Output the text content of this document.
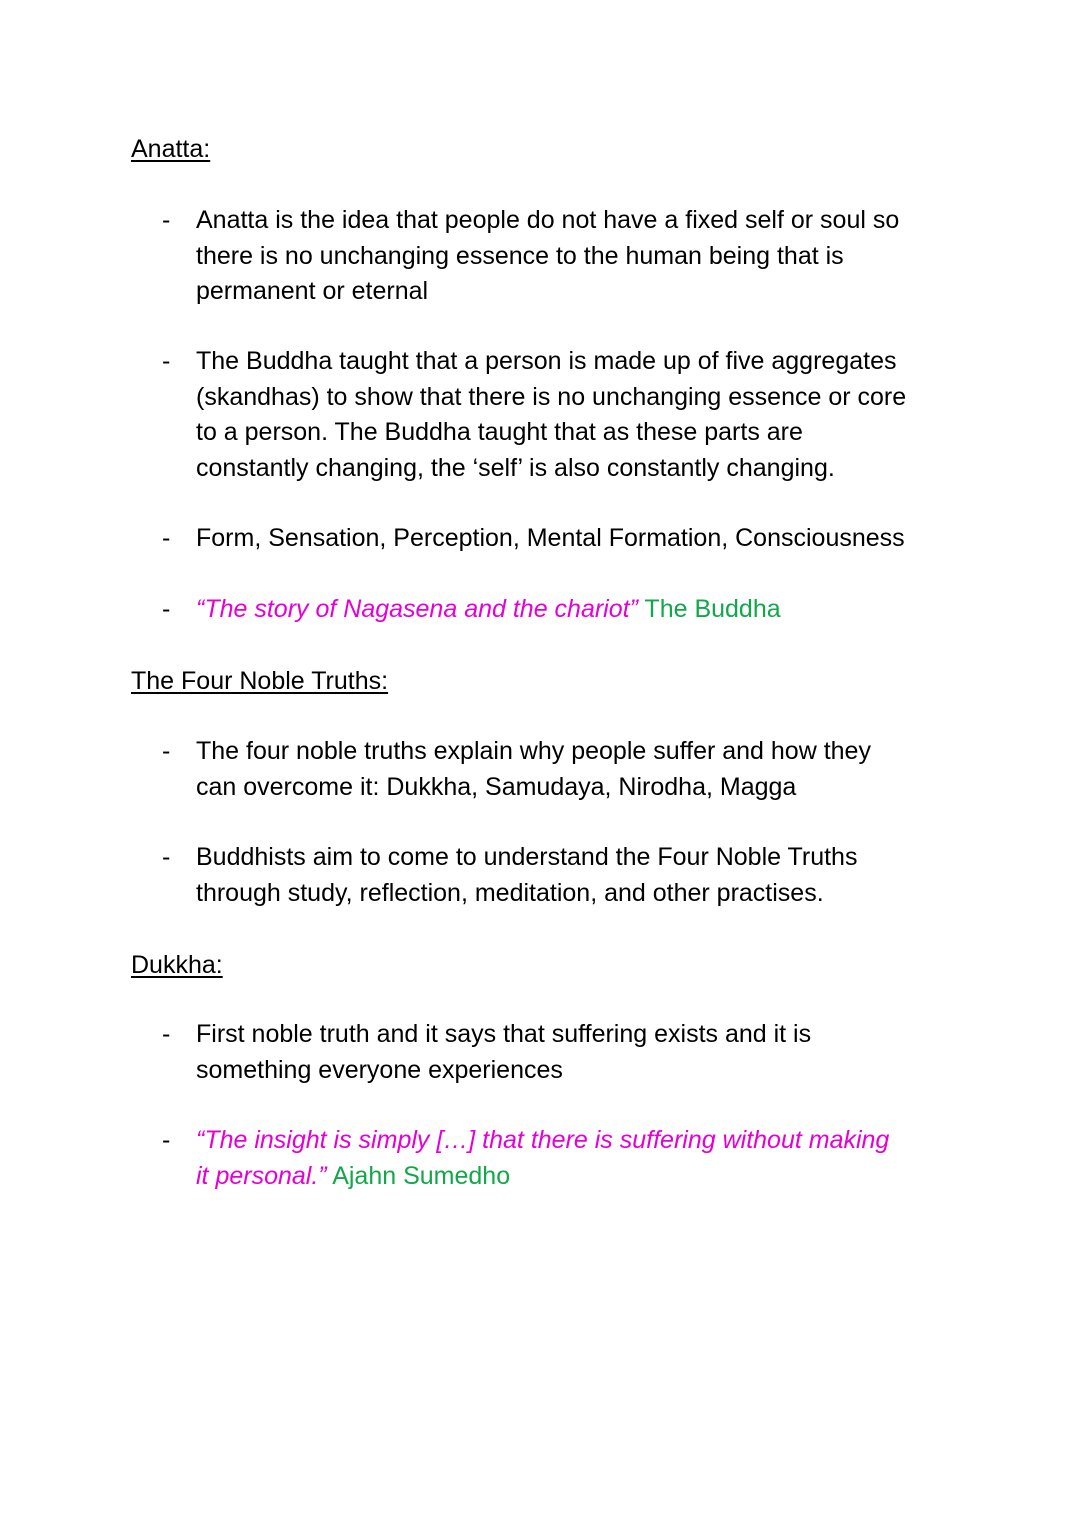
Anatta:
-	Anatta is the idea that people do not have a fixed self or soul so
there is no unchanging essence to the human being that is
permanent or eternal
-	The Buddha taught that a person is made up of five aggregates
(skandhas) to show that there is no unchanging essence or core
to a person. The Buddha taught that as these parts are
constantly changing, the ‘self’ is also constantly changing.
-	Form, Sensation, Perception, Mental Formation, Consciousness
-	“The story of Nagasena and the chariot” The Buddha
The Four Noble Truths:
-	The four noble truths explain why people suffer and how they
can overcome it: Dukkha, Samudaya, Nirodha, Magga
-	Buddhists aim to come to understand the Four Noble Truths
through study, reflection, meditation, and other practises.
Dukkha:
-	First noble truth and it says that suffering exists and it is
something everyone experiences
-	“The insight is simply […] that there is suffering without making
it personal.” Ajahn Sumedho
